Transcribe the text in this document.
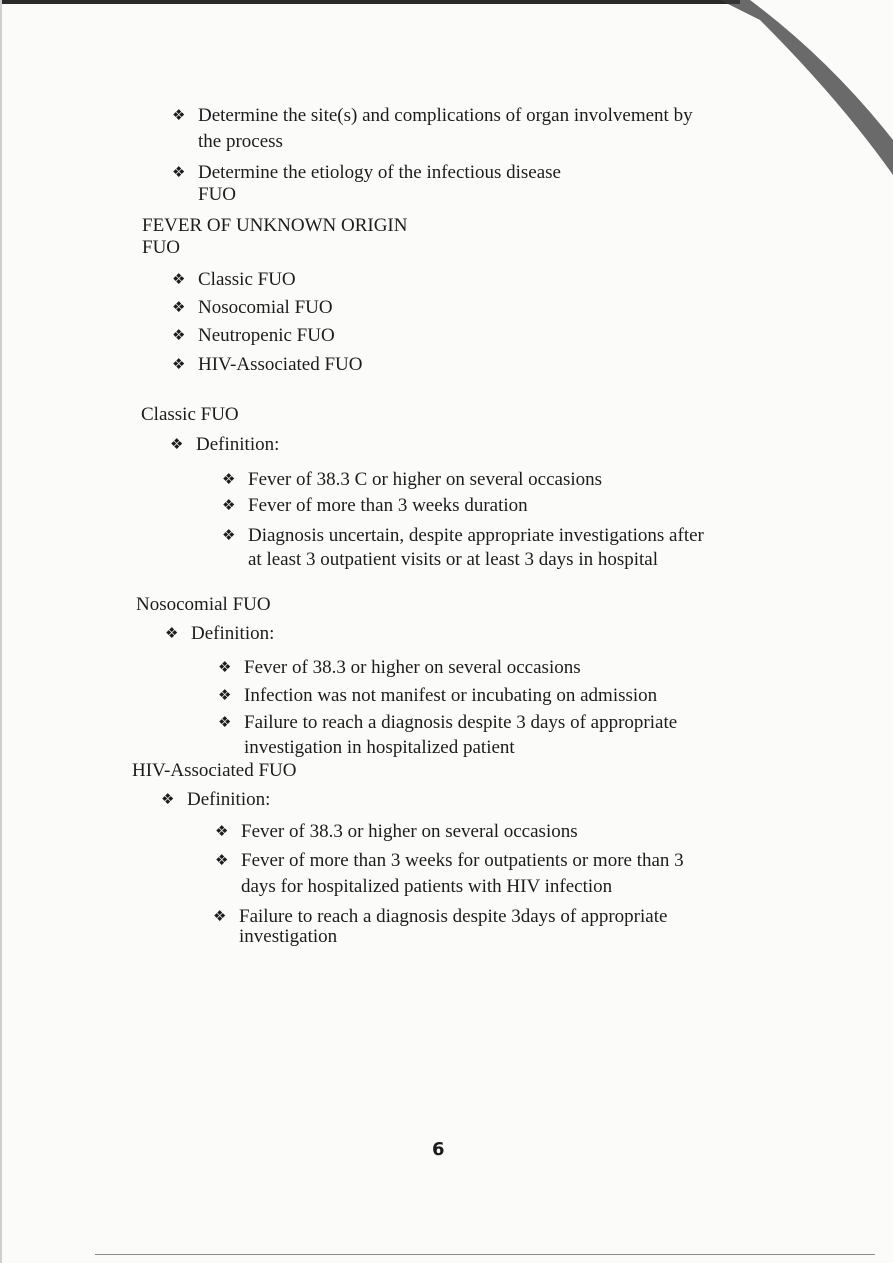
❖ Determine the site(s) and complications of organ involvement by
the process
❖ Determine the etiology of the infectious disease
FUO
FEVER OF UNKNOWN ORIGIN
FUO
❖ Classic FUO
❖ Nosocomial FUO
❖ Neutropenic FUO
❖ HIV-Associated FUO
Classic FUO
❖ Definition:
❖ Fever of 38.3 C or higher on several occasions
❖ Fever of more than 3 weeks duration
❖ Diagnosis uncertain, despite appropriate investigations after
at least 3 outpatient visits or at least 3 days in hospital
Nosocomial FUO
❖ Definition:
❖ Fever of 38.3 or higher on several occasions
❖ Infection was not manifest or incubating on admission
❖ Failure to reach a diagnosis despite 3 days of appropriate
investigation in hospitalized patient
HIV-Associated FUO
❖ Definition:
❖ Fever of 38.3 or higher on several occasions
❖ Fever of more than 3 weeks for outpatients or more than 3
days for hospitalized patients with HIV infection
❖ Failure to reach a diagnosis despite 3days of appropriate
investigation
6
